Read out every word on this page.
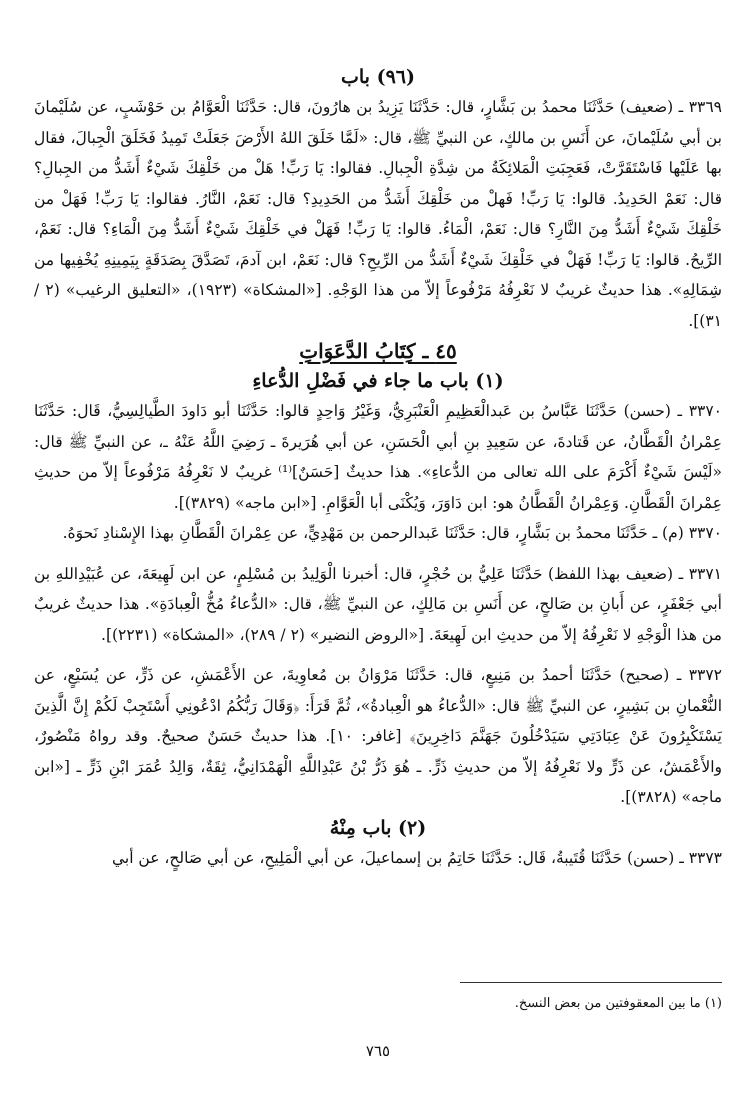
(٩٦) باب
٣٣٦٩ ـ (ضعيف) حَدَّثَنَا محمدُ بن بَشَّارٍ، قال: حَدَّثَنَا يَزِيدُ بن هارُونَ، قال: حَدَّثَنَا الْعَوَّامُ بن حَوْشَبٍ، عن سُلَيْمانَ بن أبي سُلَيْمانَ، عن أَنَسِ بن مالكٍ، عن النبيِّ ﷺ، قال: «لَمَّا خَلَقَ اللهُ الأَرْضَ جَعَلَتْ تَمِيدُ فَخَلَقَ الْجِبالَ، فقال بها عَلَيْها فَاسْتَقَرَّتْ، فَعَجِبَتِ الْمَلائِكَةُ من شِدَّةِ الْجِبالِ. فقالوا: يَا رَبِّ! هَلْ من خَلْقِكَ شَيْءٌ أَشَدُّ من الجِبالِ؟ قال: نَعَمْ الحَدِيدُ. قالوا: يَا رَبِّ! فَهلْ من خَلْقِكَ أَشَدُّ من الحَدِيدِ؟ قال: نَعَمْ، النَّارُ. فقالوا: يَا رَبِّ! فَهَلْ من خَلْقِكَ شَيْءٌ أَشَدُّ مِنَ النَّارِ؟ قال: نَعَمْ، الْمَاءُ. قالوا: يَا رَبِّ! فَهَلْ في خَلْقِكَ شَيْءٌ أَشَدُّ مِنَ الْمَاءِ؟ قال: نَعَمْ، الرِّيحُ. قالوا: يَا رَبِّ! فَهَلْ في خَلْقِكَ شَيْءٌ أَشَدُّ من الرِّيحِ؟ قال: نَعَمْ، ابن آدمَ، تَصَدَّقَ بِصَدَقَةٍ بِيَمِينِهِ يُخْفِيها من شِمَالِهِ». هذا حديثٌ غريبٌ لا نَعْرِفُهُ مَرْفُوعاً إلاّ من هذا الوَجْهِ. [«المشكاة» (١٩٢٣)، «التعليق الرغيب» (٢ / ٣١)].
٤٥ ـ كِتَابُ الدَّعَوَاتِ
(١) باب ما جاء في فَضْلِ الدُّعاءِ
٣٣٧٠ ـ (حسن) حَدَّثَنَا عَبَّاسُ بن عَبدالْعَظِيمِ الْعَنْبَرِيُّ، وَغَيْرُ وَاحِدٍ قالوا: حَدَّثَنَا أبو دَاودَ الطَّيالِسِيُّ، قَال: حَدَّثَنَا عِمْرانُ الْقَطَّانُ، عن قَتادةَ، عن سَعِيدِ بنِ أبي الْحَسَنِ، عن أبي هُرَيرةَ ـ رَضِيَ اللَّهُ عَنْهُ ـ، عن النبيِّ ﷺ قال: «لَيْسَ شَيْءٌ أَكْرَمَ على الله تعالى من الدُّعاءِ». هذا حديثٌ [حَسَنٌ]⁽¹⁾ غريبٌ لا نَعْرِفُهُ مَرْفُوعاً إلاّ من حديثِ عِمْرانَ الْقَطَّانِ. وَعِمْرانُ الْقَطَّانُ هو: ابن دَاوَرَ، وَيُكْنَى أبا الْعَوَّامِ. [«ابن ماجه» (٣٨٢٩)].
٣٣٧٠ (م) ـ حَدَّثَنَا محمدُ بن بَشَّارٍ، قال: حَدَّثَنَا عَبدالرحمن بن مَهْدِيٍّ، عن عِمْرانَ الْقَطَّانِ بهذا الإِسْنادِ نَحوَهُ.
٣٣٧١ ـ (ضعيف بهذا اللفظ) حَدَّثَنَا عَلِيُّ بن حُجْرٍ، قال: أخبرنا الْوَلِيدُ بن مُسْلِمٍ، عن ابن لَهِيعَةَ، عن عُبَيْدِاللهِ بن أبي جَعْفَرٍ، عن أَبانِ بن صَالحٍ، عن أَنَسِ بن مَالِكٍ، عن النبيِّ ﷺ، قال: «الدُّعاءُ مُخُّ الْعِبادَةِ». هذا حديثٌ غريبٌ من هذا الْوَجْهِ لا نَعْرِفُهُ إلاّ من حديثِ ابن لَهِيعَةَ. [«الروض النضير» (٢ / ٢٨٩)، «المشكاة» (٢٢٣١)].
٣٣٧٢ ـ (صحيح) حَدَّثَنَا أحمدُ بن مَنِيعٍ، قال: حَدَّثَنَا مَرْوَانُ بن مُعاوِيةَ، عن الأَعْمَشِ، عن ذَرٍّ، عن يُسَيْعٍ، عن النُّعْمانِ بن بَشِيرٍ، عن النبيِّ ﷺ قال: «الدُّعاءُ هو الْعِبادةُ»، ثُمَّ قَرَأَ: ﴿وَقَالَ رَبُّكُمُ ادْعُونِي أَسْتَجِبْ لَكُمْ إِنَّ الَّذِينَ يَسْتَكْبِرُونَ عَنْ عِبَادَتِي سَيَدْخُلُونَ جَهَنَّمَ دَاخِرِينَ﴾ [غافر: ١٠]. هذا حديثٌ حَسَنٌ صحيحٌ. وقد رواهُ مَنْصُورٌ، والأَعْمَشُ، عن ذَرٍّ ولا نَعْرِفُهُ إلاّ من حديثِ ذَرٍّ. ـ هُوَ ذَرُّ بْنُ عَبْدِاللَّهِ الْهَمْدَانِيُّ، ثِقَةٌ، وَالِدُ عُمَرَ ابْنِ ذَرٍّ ـ [«ابن ماجه» (٣٨٢٨)].
(٢) باب مِنْهُ
٣٣٧٣ ـ (حسن) حَدَّثَنَا قُتَيبةُ، قَال: حَدَّثَنَا حَاتِمُ بن إسماعيلَ، عن أبي الْمَلِيحِ، عن أبي صَالحٍ، عن أبي
(١) ما بين المعقوفتين من بعض النسخ.
٧٦٥
